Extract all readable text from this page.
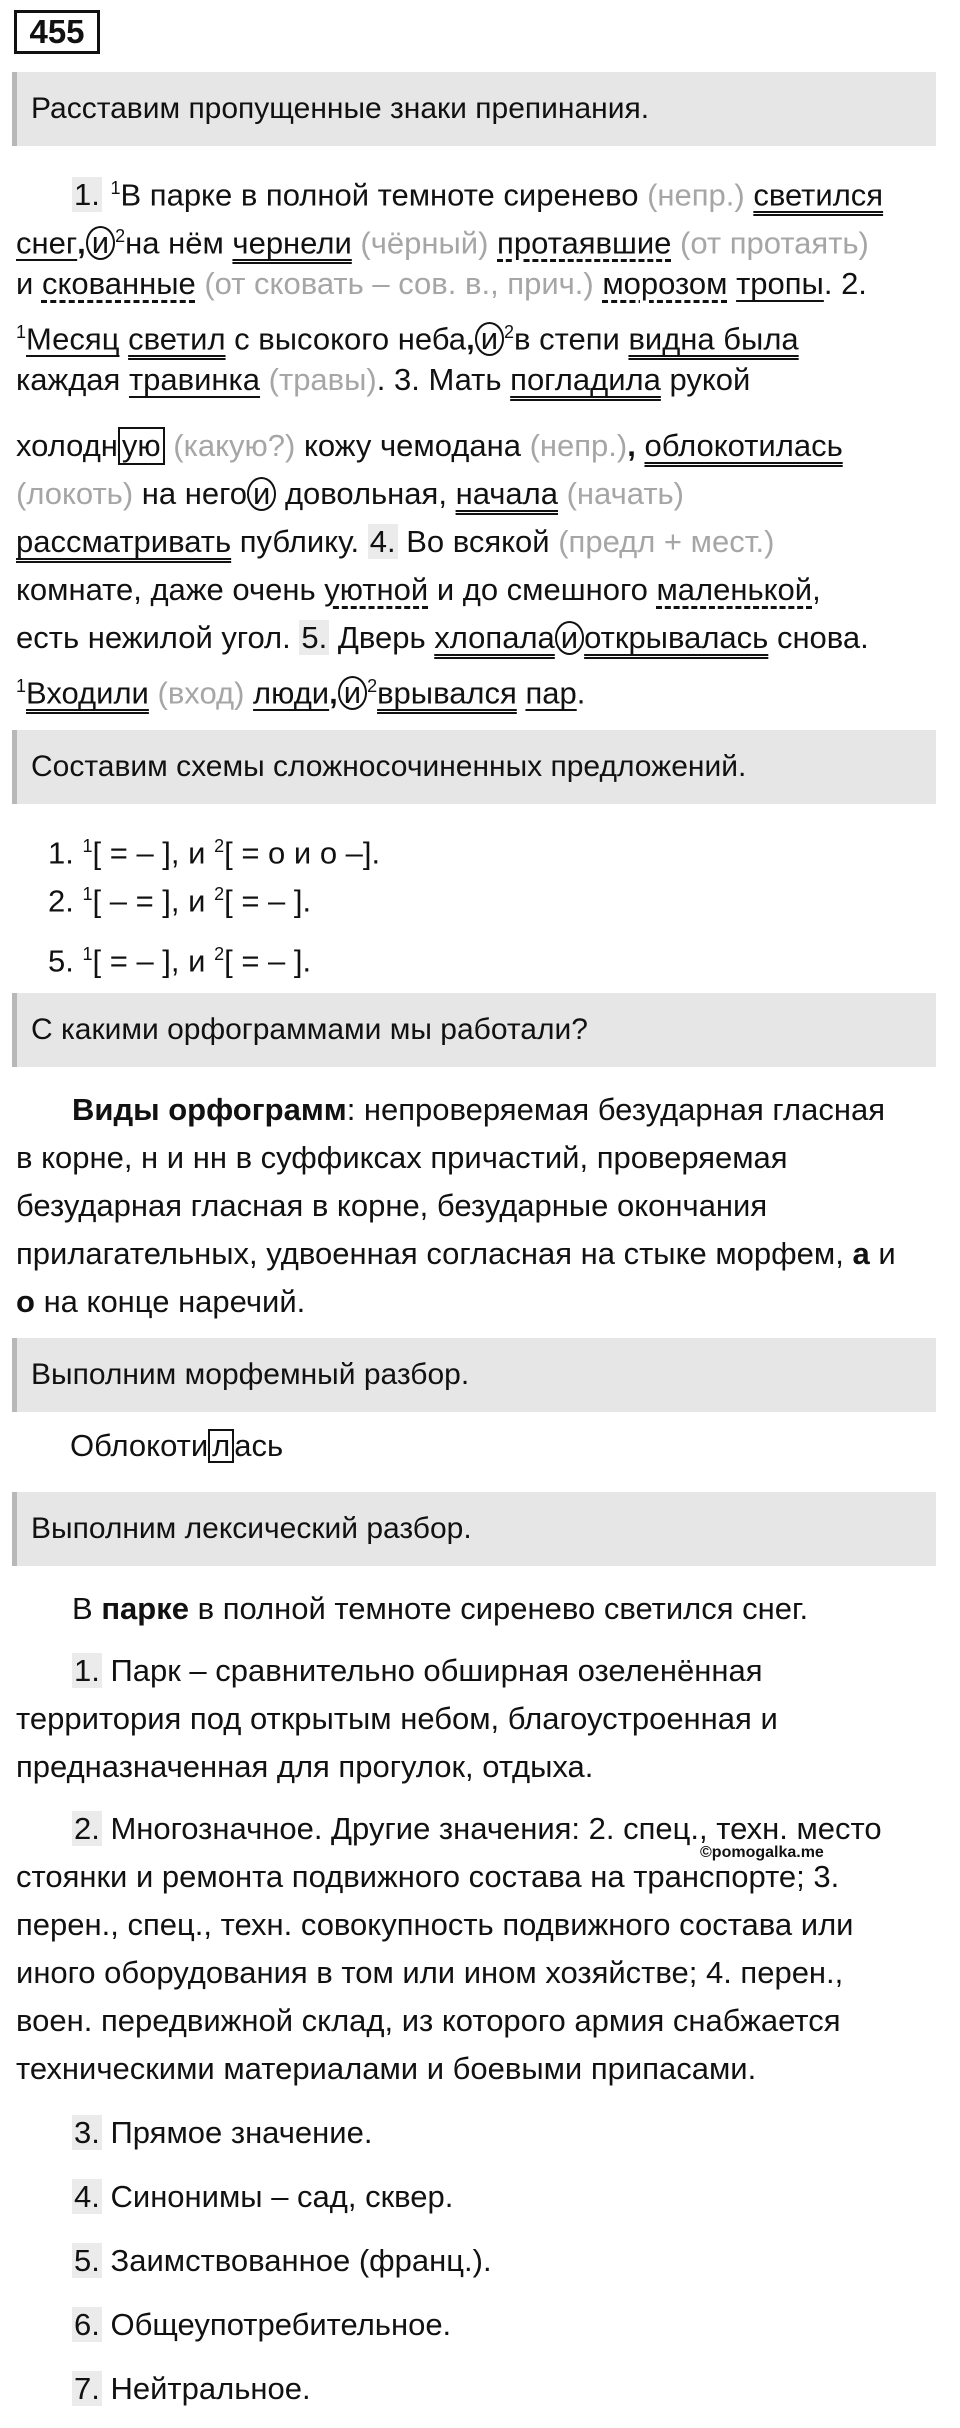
455
Расставим пропущенные знаки препинания.
1. $^1$В парке в полной темноте сиренево (непр.) светился
снег, и $^2$на нём чернели (чёрный) протаявшие (от протаять)
и скованные (от сковать – сов. в., прич.) морозом тропы. 2.
$^1$Месяц светил с высокого неба, и $^2$в степи видна была
каждая травинка (травы). 3. Мать погладила рукой
холодн ую (какую?) кожу чемодана (непр.), облокотилась
(локоть) на него и довольная, начала (начать)
рассматривать публику. 4. Во всякой (предл + мест.)
комнате, даже очень уютной и до смешного маленькой,
есть нежилой угол. 5. Дверь хлопала и открывалась снова.
$^1$Входили (вход) люди, и $^2$врывался пар.
Составим схемы сложносочиненных предложений.
1. $^1$[ = – ], и $^2$[ = о и о –].
2. $^1$[ – = ], и $^2$[ = – ].
5. $^1$[ = – ], и $^2$[ = – ].
С какими орфограммами мы работали?
Виды орфограмм: непроверяемая безударная гласная
в корне, н и нн в суффиксах причастий, проверяемая
безударная гласная в корне, безударные окончания
прилагательных, удвоенная согласная на стыке морфем, а и
о на конце наречий.
Выполним морфемный разбор.
Облокоти л ась
Выполним лексический разбор.
В парке в полной темноте сиренево светился снег.
1. Парк – сравнительно обширная озеленённая
территория под открытым небом, благоустроенная и
предназначенная для прогулок, отдыха.
2. Многозначное. Другие значения: 2. спец., техн. место
стоянки и ремонта подвижного состава на транспорте; 3.
перен., спец., техн. совокупность подвижного состава или
иного оборудования в том или ином хозяйстве; 4. перен.,
воен. передвижной склад, из которого армия снабжается
техническими материалами и боевыми припасами.
3. Прямое значение.
4. Синонимы – сад, сквер.
5. Заимствованное (франц.).
6. Общеупотребительное.
7. Нейтральное.
©pomogalka.me
